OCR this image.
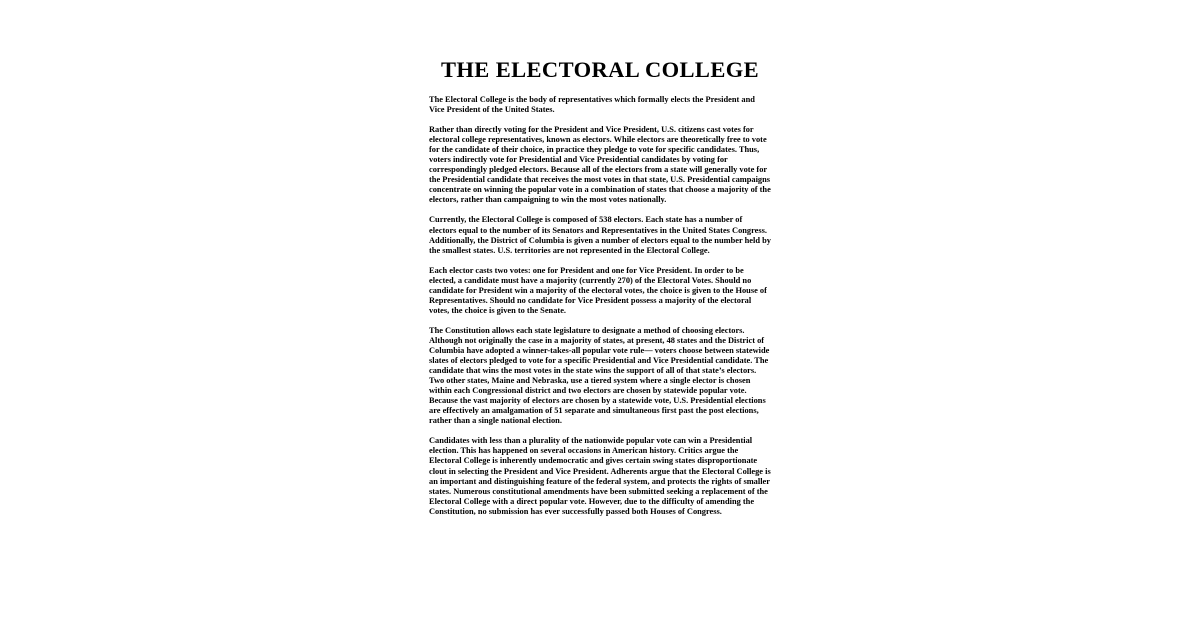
THE ELECTORAL COLLEGE

The Electoral College is the body of representatives which formally elects the President and Vice President of the United States.

Rather than directly voting for the President and Vice President, U.S. citizens cast votes for electoral college representatives, known as electors. While electors are theoretically free to vote for the candidate of their choice, in practice they pledge to vote for specific candidates. Thus, voters indirectly vote for Presidential and Vice Presidential candidates by voting for correspondingly pledged electors. Because all of the electors from a state will generally vote for the Presidential candidate that receives the most votes in that state, U.S. Presidential campaigns concentrate on winning the popular vote in a combination of states that choose a majority of the electors, rather than campaigning to win the most votes nationally.

Currently, the Electoral College is composed of 538 electors. Each state has a number of electors equal to the number of its Senators and Representatives in the United States Congress. Additionally, the District of Columbia is given a number of electors equal to the number held by the smallest states. U.S. territories are not represented in the Electoral College.

Each elector casts two votes: one for President and one for Vice President. In order to be elected, a candidate must have a majority (currently 270) of the Electoral Votes. Should no candidate for President win a majority of the electoral votes, the choice is given to the House of Representatives. Should no candidate for Vice President possess a majority of the electoral votes, the choice is given to the Senate.

The Constitution allows each state legislature to designate a method of choosing electors. Although not originally the case in a majority of states, at present, 48 states and the District of Columbia have adopted a winner-takes-all popular vote rule— voters choose between statewide slates of electors pledged to vote for a specific Presidential and Vice Presidential candidate. The candidate that wins the most votes in the state wins the support of all of that state’s electors. Two other states, Maine and Nebraska, use a tiered system where a single elector is chosen within each Congressional district and two electors are chosen by statewide popular vote. Because the vast majority of electors are chosen by a statewide vote, U.S. Presidential elections are effectively an amalgamation of 51 separate and simultaneous first past the post elections, rather than a single national election.

Candidates with less than a plurality of the nationwide popular vote can win a Presidential election. This has happened on several occasions in American history. Critics argue the Electoral College is inherently undemocratic and gives certain swing states disproportionate clout in selecting the President and Vice President. Adherents argue that the Electoral College is an important and distinguishing feature of the federal system, and protects the rights of smaller states. Numerous constitutional amendments have been submitted seeking a replacement of the Electoral College with a direct popular vote. However, due to the difficulty of amending the Constitution, no submission has ever successfully passed both Houses of Congress.
